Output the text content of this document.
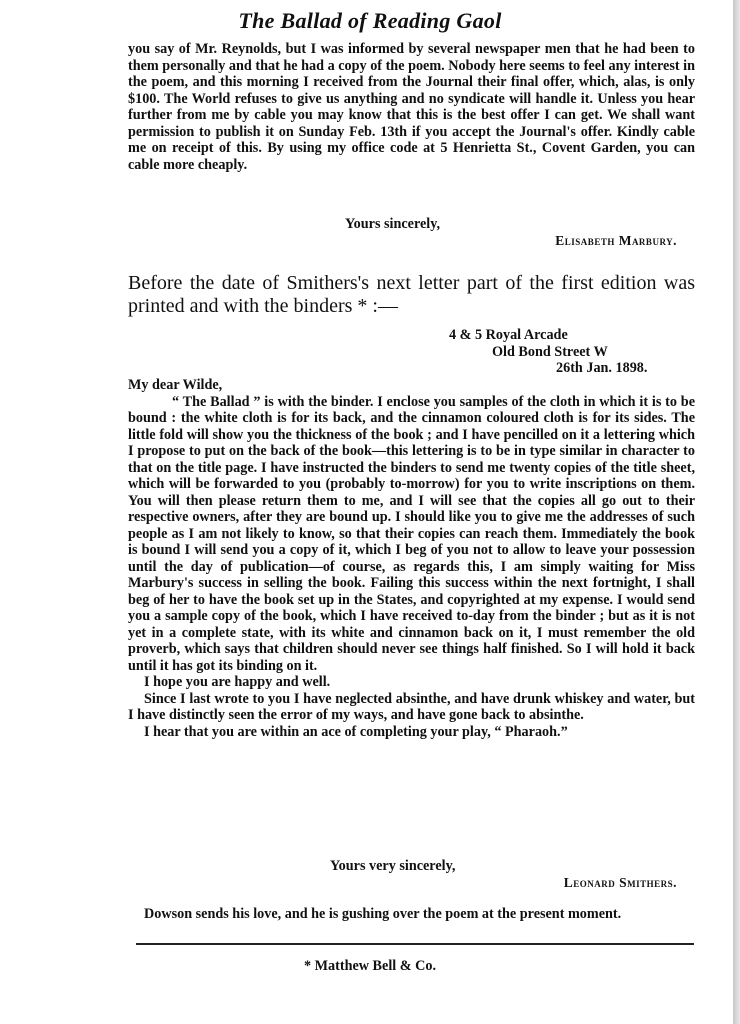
The Ballad of Reading Gaol

you say of Mr. Reynolds, but I was informed by several newspaper men that he had been to them personally and that he had a copy of the poem. Nobody here seems to feel any interest in the poem, and this morning I received from the Journal their final offer, which, alas, is only $100. The World refuses to give us anything and no syndicate will handle it. Unless you hear further from me by cable you may know that this is the best offer I can get. We shall want permission to publish it on Sunday Feb. 13th if you accept the Journal's offer. Kindly cable me on receipt of this. By using my office code at 5 Henrietta St., Covent Garden, you can cable more cheaply.

Yours sincerely,
Elisabeth Marbury.
Before the date of Smithers's next letter part of the first edition was printed and with the binders * :—
4 & 5 Royal Arcade
Old Bond Street W
26th Jan. 1898.

My dear Wilde,

“ The Ballad ” is with the binder. I enclose you samples of the cloth in which it is to be bound : the white cloth is for its back, and the cinnamon coloured cloth is for its sides. The little fold will show you the thickness of the book ; and I have pencilled on it a lettering which I propose to put on the back of the book—this lettering is to be in type similar in character to that on the title page. I have instructed the binders to send me twenty copies of the title sheet, which will be forwarded to you (probably to-morrow) for you to write inscriptions on them. You will then please return them to me, and I will see that the copies all go out to their respective owners, after they are bound up. I should like you to give me the addresses of such people as I am not likely to know, so that their copies can reach them. Immediately the book is bound I will send you a copy of it, which I beg of you not to allow to leave your possession until the day of publication—of course, as regards this, I am simply waiting for Miss Marbury's success in selling the book. Failing this success within the next fortnight, I shall beg of her to have the book set up in the States, and copyrighted at my expense. I would send you a sample copy of the book, which I have received to-day from the binder ; but as it is not yet in a complete state, with its white and cinnamon back on it, I must remember the old proverb, which says that children should never see things half finished. So I will hold it back until it has got its binding on it.

I hope you are happy and well.

Since I last wrote to you I have neglected absinthe, and have drunk whiskey and water, but I have distinctly seen the error of my ways, and have gone back to absinthe.

I hear that you are within an ace of completing your play, “ Pharaoh.”

Yours very sincerely,
Leonard Smithers.
Dowson sends his love, and he is gushing over the poem at the present moment.
* Matthew Bell & Co.
